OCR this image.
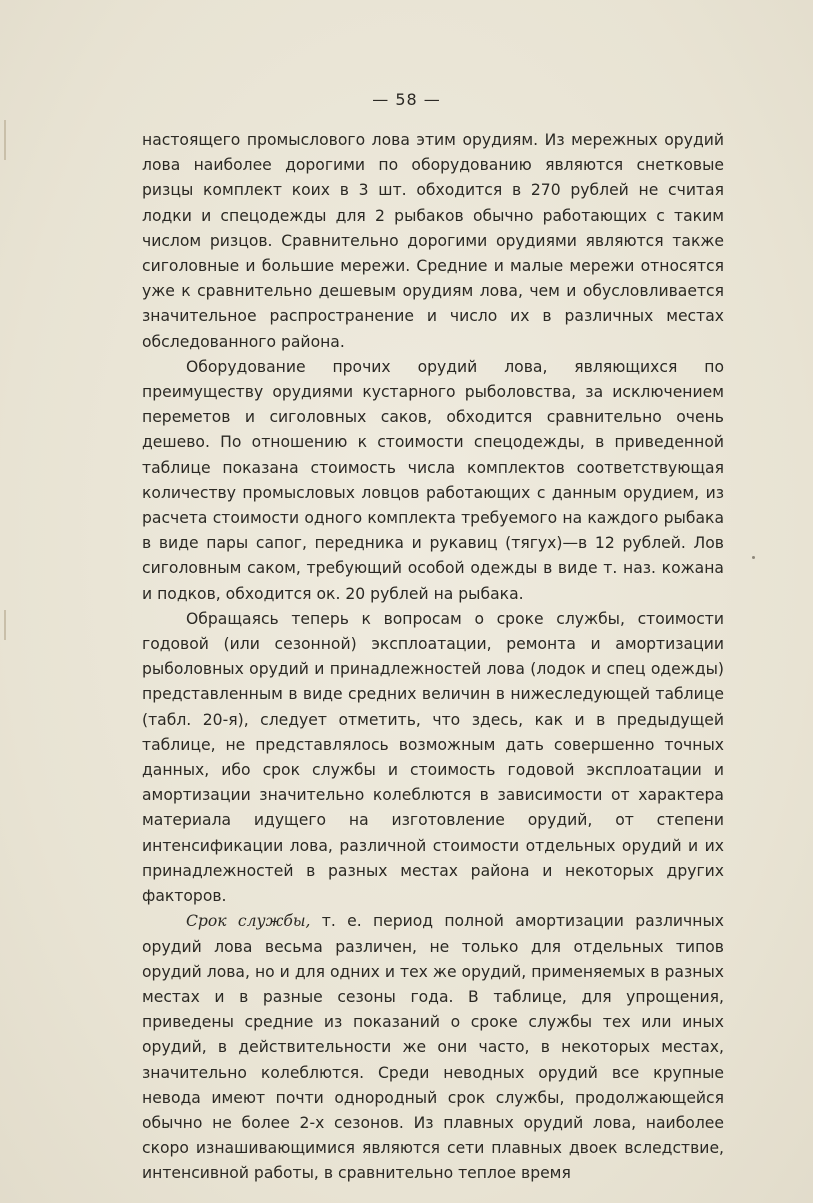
— 58 —

настоящего промыслового лова этим орудиям. Из мережных орудий лова наиболее дорогими по оборудованию являются снетковые ризцы комплект коих в 3 шт. обходится в 270 рублей не считая лодки и спецодежды для 2 рыбаков обычно работающих с таким числом ризцов. Сравнительно дорогими орудиями являются также сиголовные и большие мережи. Средние и малые мережи относятся уже к сравнительно дешевым орудиям лова, чем и обусловливается значительное распространение и число их в различных местах обследованного района.

Оборудование прочих орудий лова, являющихся по преимуществу орудиями кустарного рыболовства, за исключением переметов и сиголовных саков, обходится сравнительно очень дешево. По отношению к стоимости спецодежды, в приведенной таблице показана стоимость числа комплектов соответствующая количеству промысловых ловцов работающих с данным орудием, из расчета стоимости одного комплекта требуемого на каждого рыбака в виде пары сапог, передника и рукавиц (тягух)—в 12 рублей. Лов сиголовным саком, требующий особой одежды в виде т. наз. кожана и подков, обходится ок. 20 рублей на рыбака.

Обращаясь теперь к вопросам о сроке службы, стоимости годовой (или сезонной) эксплоатации, ремонта и амортизации рыболовных орудий и принадлежностей лова (лодок и спец одежды) представленным в виде средних величин в нижеследующей таблице (табл. 20-я), следует отметить, что здесь, как и в предыдущей таблице, не представлялось возможным дать совершенно точных данных, ибо срок службы и стоимость годовой эксплоатации и амортизации значительно колеблются в зависимости от характера материала идущего на изготовление орудий, от степени интенсификации лова, различной стоимости отдельных орудий и их принадлежностей в разных местах района и некоторых других факторов.

Срок службы, т. е. период полной амортизации различных орудий лова весьма различен, не только для отдельных типов орудий лова, но и для одних и тех же орудий, применяемых в разных местах и в разные сезоны года. В таблице, для упрощения, приведены средние из показаний о сроке службы тех или иных орудий, в действительности же они часто, в некоторых местах, значительно колеблются. Среди неводных орудий все крупные невода имеют почти однородный срок службы, продолжающейся обычно не более 2-х сезонов. Из плавных орудий лова, наиболее скоро изнашивающимися являются сети плавных двоек вследствие, интенсивной работы, в сравнительно теплое время
